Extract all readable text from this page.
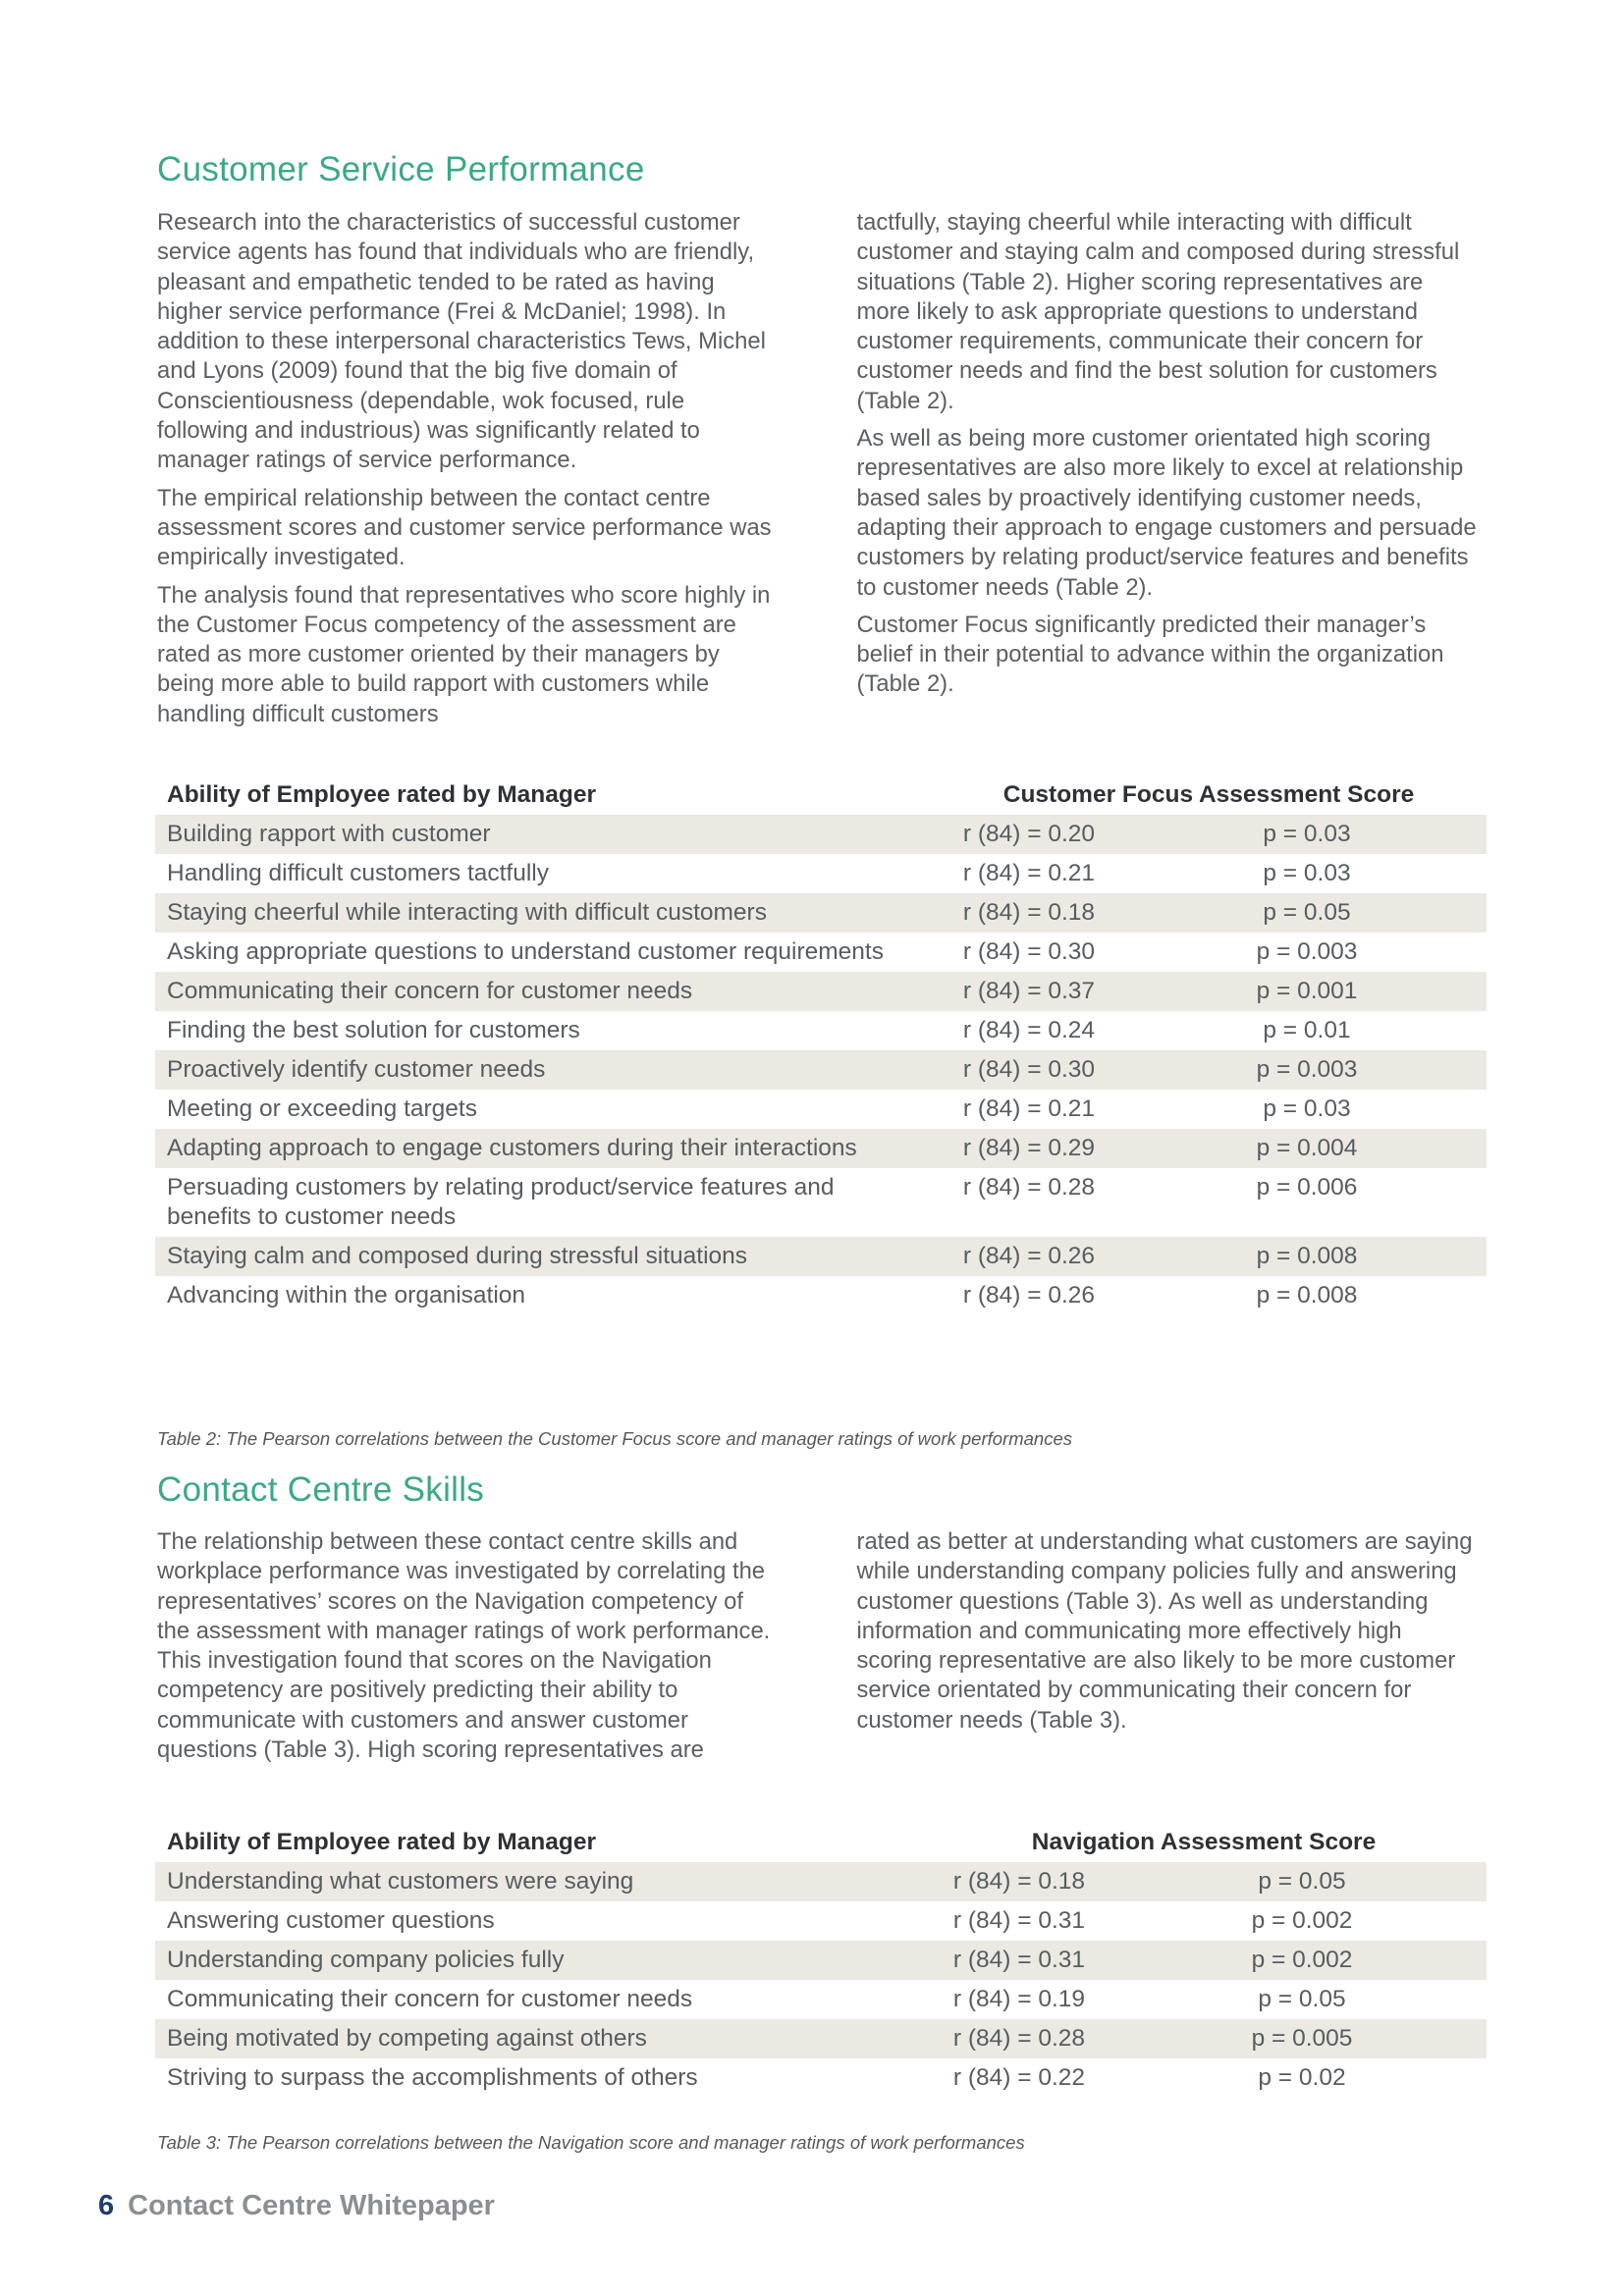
Customer Service Performance

Research into the characteristics of successful customer service agents has found that individuals who are friendly, pleasant and empathetic tended to be rated as having higher service performance (Frei & McDaniel; 1998). In addition to these interpersonal characteristics Tews, Michel and Lyons (2009) found that the big five domain of Conscientiousness (dependable, wok focused, rule following and industrious) was significantly related to manager ratings of service performance.

The empirical relationship between the contact centre assessment scores and customer service performance was empirically investigated.

The analysis found that representatives who score highly in the Customer Focus competency of the assessment are rated as more customer oriented by their managers by being more able to build rapport with customers while handling difficult customers

tactfully, staying cheerful while interacting with difficult customer and staying calm and composed during stressful situations (Table 2). Higher scoring representatives are more likely to ask appropriate questions to understand customer requirements, communicate their concern for customer needs and find the best solution for customers (Table 2).

As well as being more customer orientated high scoring representatives are also more likely to excel at relationship based sales by proactively identifying customer needs, adapting their approach to engage customers and persuade customers by relating product/service features and benefits to customer needs (Table 2).

Customer Focus significantly predicted their manager’s belief in their potential to advance within the organization (Table 2).

Ability of Employee rated by Manager	Customer Focus Assessment Score	
Building rapport with customer	r (84) = 0.20	p = 0.03
Handling difficult customers tactfully	r (84) = 0.21	p = 0.03
Staying cheerful while interacting with difficult customers	r (84) = 0.18	p = 0.05
Asking appropriate questions to understand customer requirements	r (84) = 0.30	p = 0.003
Communicating their concern for customer needs	r (84) = 0.37	p = 0.001
Finding the best solution for customers	r (84) = 0.24	p = 0.01
Proactively identify customer needs	r (84) = 0.30	p = 0.003
Meeting or exceeding targets	r (84) = 0.21	p = 0.03
Adapting approach to engage customers during their interactions	r (84) = 0.29	p = 0.004
Persuading customers by relating product/service features and benefits to customer needs	r (84) = 0.28	p = 0.006
Staying calm and composed during stressful situations	r (84) = 0.26	p = 0.008
Advancing within the organisation	r (84) = 0.26	p = 0.008
Table 2: The Pearson correlations between the Customer Focus score and manager ratings of work performances
Contact Centre Skills

The relationship between these contact centre skills and workplace performance was investigated by correlating the representatives’ scores on the Navigation competency of the assessment with manager ratings of work performance. This investigation found that scores on the Navigation competency are positively predicting their ability to communicate with customers and answer customer questions (Table 3). High scoring representatives are

rated as better at understanding what customers are saying while understanding company policies fully and answering customer questions (Table 3). As well as understanding information and communicating more effectively high scoring representative are also likely to be more customer service orientated by communicating their concern for customer needs (Table 3).

Ability of Employee rated by Manager	Navigation Assessment Score	
Understanding what customers were saying	r (84) = 0.18	p = 0.05
Answering customer questions	r (84) = 0.31	p = 0.002
Understanding company policies fully	r (84) = 0.31	p = 0.002
Communicating their concern for customer needs	r (84) = 0.19	p = 0.05
Being motivated by competing against others	r (84) = 0.28	p = 0.005
Striving to surpass the accomplishments of others	r (84) = 0.22	p = 0.02
Table 3: The Pearson correlations between the Navigation score and manager ratings of work performances
6 Contact Centre Whitepaper
